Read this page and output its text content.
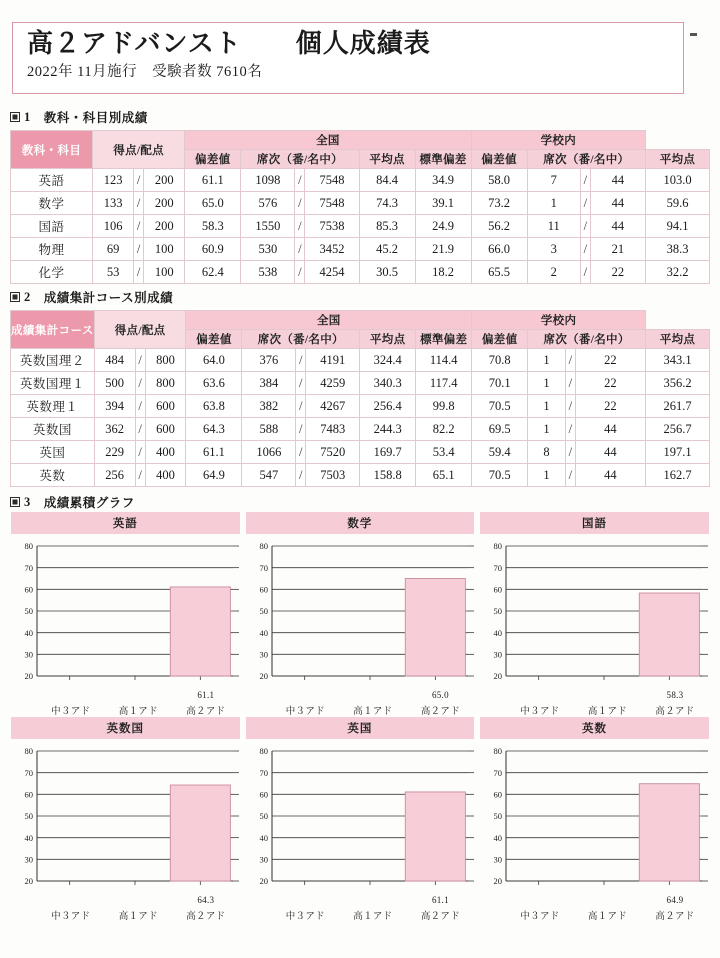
高２アドバンスト　　個人成績表
2022年 11月施行　受験者数 7610名
1 教科・科目別成績
教科・科目	得点/配点			全国						学校内				
				偏差値	席次（番/名中）			平均点	標準偏差	偏差値	席次（番/名中）			平均点
英語	123	/	200	61.1	1098	/	7548	84.4	34.9	58.0	7	/	44	103.0
数学	133	/	200	65.0	576	/	7548	74.3	39.1	73.2	1	/	44	59.6
国語	106	/	200	58.3	1550	/	7538	85.3	24.9	56.2	11	/	44	94.1
物理	69	/	100	60.9	530	/	3452	45.2	21.9	66.0	3	/	21	38.3
化学	53	/	100	62.4	538	/	4254	30.5	18.2	65.5	2	/	22	32.2
2 成績集計コース別成績
成績集計コース	得点/配点			全国						学校内				
				偏差値	席次（番/名中）			平均点	標準偏差	偏差値	席次（番/名中）			平均点
英数国理２	484	/	800	64.0	376	/	4191	324.4	114.4	70.8	1	/	22	343.1
英数国理１	500	/	800	63.6	384	/	4259	340.3	117.4	70.1	1	/	22	356.2
英数理１	394	/	600	63.8	382	/	4267	256.4	99.8	70.5	1	/	22	261.7
英数国	362	/	600	64.3	588	/	7483	244.3	82.2	69.5	1	/	44	256.7
英国	229	/	400	61.1	1066	/	7520	169.7	53.4	59.4	8	/	44	197.1
英数	256	/	400	64.9	547	/	7503	158.8	65.1	70.5	1	/	44	162.7
3 成績累積グラフ
英語
20
30
40
50
60
70
80
61.1
中３アド	高１アド	高２アド
数学
20
30
40
50
60
70
80
65.0
中３アド	高１アド	高２アド
国語
20
30
40
50
60
70
80
58.3
中３アド	高１アド	高２アド
英数国
20
30
40
50
60
70
80
64.3
中３アド	高１アド	高２アド
英国
20
30
40
50
60
70
80
61.1
中３アド	高１アド	高２アド
英数
20
30
40
50
60
70
80
64.9
中３アド	高１アド	高２アド
